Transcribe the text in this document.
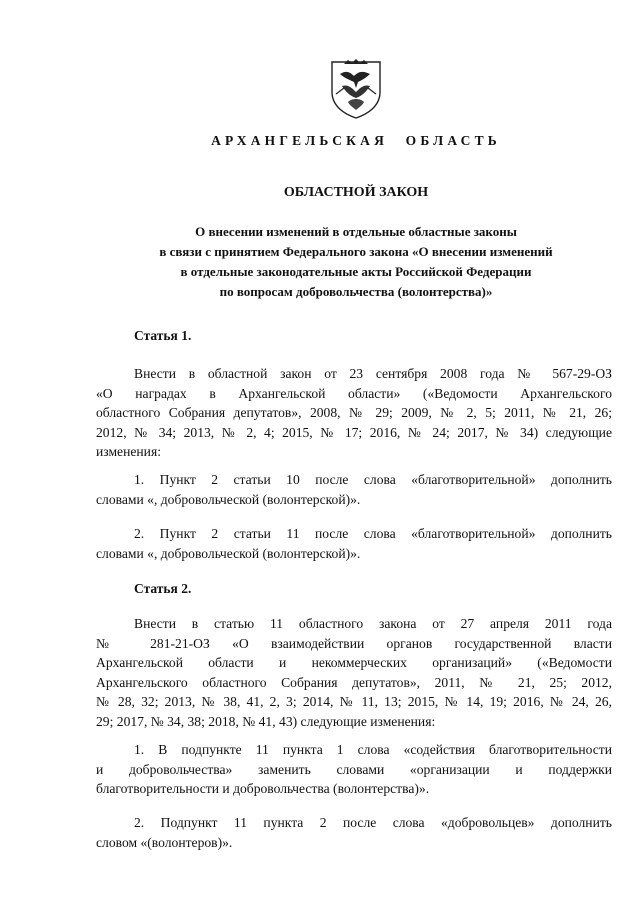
АРХАНГЕЛЬСКАЯ ОБЛАСТЬ
ОБЛАСТНОЙ ЗАКОН
О внесении изменений в отдельные областные законы
в связи с принятием Федерального закона «О внесении изменений
в отдельные законодательные акты Российской Федерации
по вопросам добровольчества (волонтерства)»
Статья 1.
Внести в областной закон от 23 сентября 2008 года № 567-29-ОЗ
«О наградах в Архангельской области» («Ведомости Архангельского
областного Собрания депутатов», 2008, № 29; 2009, № 2, 5; 2011, № 21, 26;
2012, № 34; 2013, № 2, 4; 2015, № 17; 2016, № 24; 2017, № 34) следующие
изменения:
1. Пункт 2 статьи 10 после слова «благотворительной» дополнить
словами «, добровольческой (волонтерской)».
2. Пункт 2 статьи 11 после слова «благотворительной» дополнить
словами «, добровольческой (волонтерской)».
Статья 2.
Внести в статью 11 областного закона от 27 апреля 2011 года
№ 281-21-ОЗ «О взаимодействии органов государственной власти
Архангельской области и некоммерческих организаций» («Ведомости
Архангельского областного Собрания депутатов», 2011, № 21, 25; 2012,
№ 28, 32; 2013, № 38, 41, 2, 3; 2014, № 11, 13; 2015, № 14, 19; 2016, № 24, 26,
29; 2017, № 34, 38; 2018, № 41, 43) следующие изменения:
1. В подпункте 11 пункта 1 слова «содействия благотворительности
и добровольчества» заменить словами «организации и поддержки
благотворительности и добровольчества (волонтерства)».
2. Подпункт 11 пункта 2 после слова «добровольцев» дополнить
словом «(волонтеров)».
